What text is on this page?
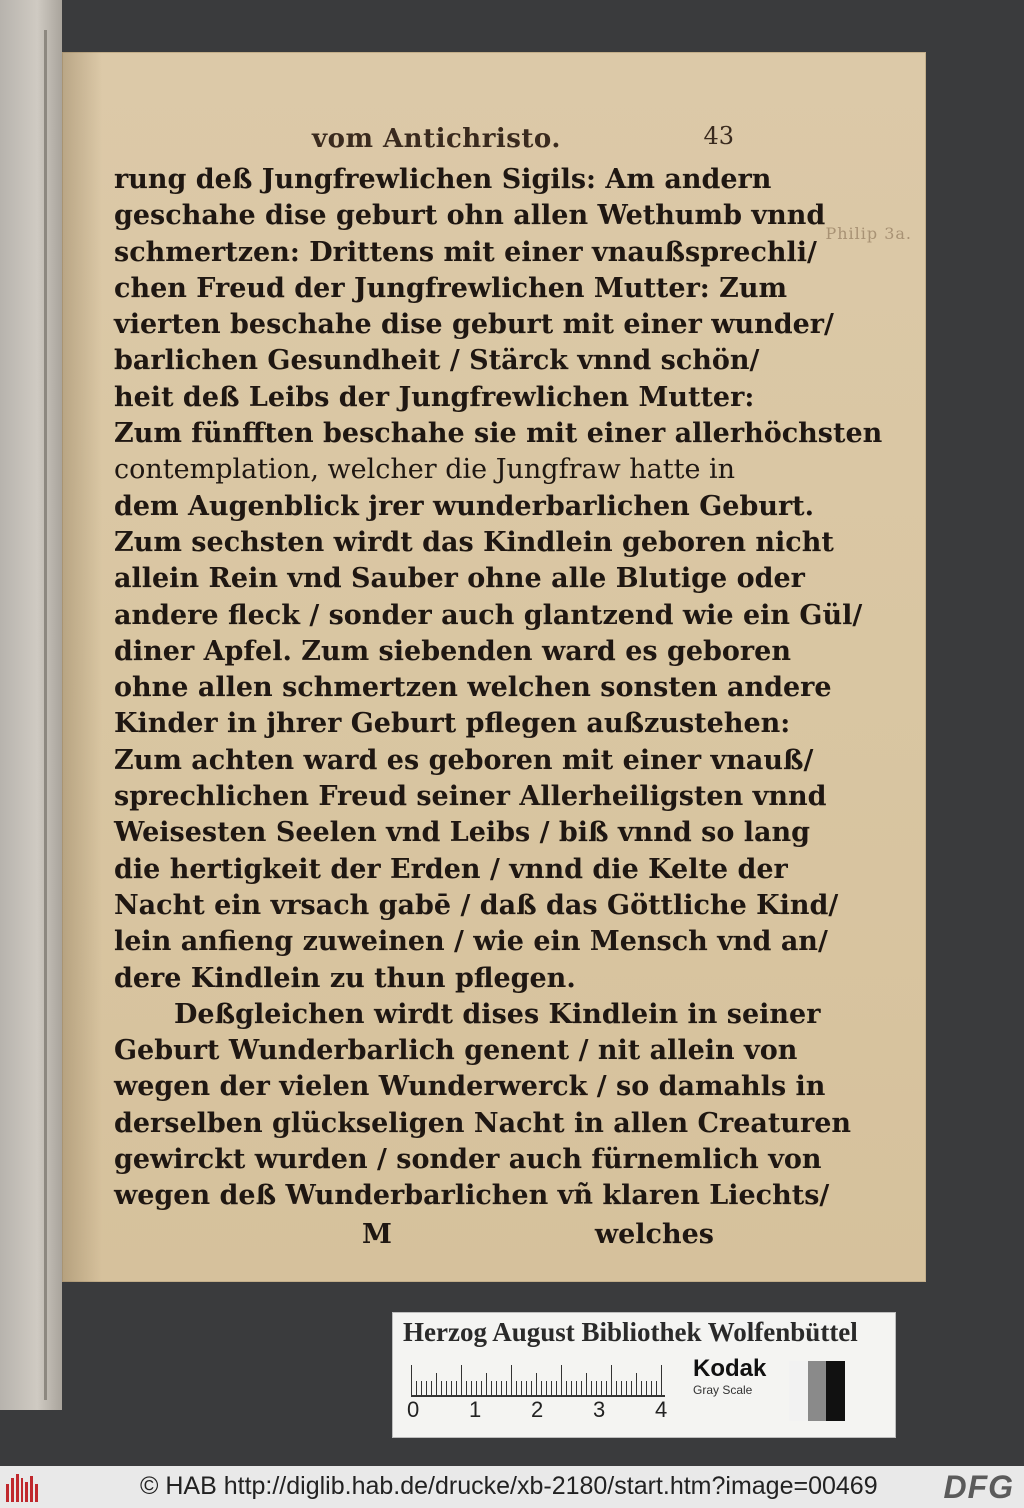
vom Antichristo.	43
Philip 3a.
rung deß Jungfrewlichen Sigils: Am andern
geschahe dise geburt ohn allen Wethumb vnnd
schmertzen: Drittens mit einer vnaußsprechli/
chen Freud der Jungfrewlichen Mutter: Zum
vierten beschahe dise geburt mit einer wunder/
barlichen Gesundheit / Stärck vnnd schön/
heit deß Leibs der Jungfrewlichen Mutter:
Zum fünfften beschahe sie mit einer allerhöchsten
contemplation, welcher die Jungfraw hatte in
dem Augenblick jrer wunderbarlichen Geburt.
Zum sechsten wirdt das Kindlein geboren nicht
allein Rein vnd Sauber ohne alle Blutige oder
andere fleck / sonder auch glantzend wie ein Gül/
diner Apfel. Zum siebenden ward es geboren
ohne allen schmertzen welchen sonsten andere
Kinder in jhrer Geburt pflegen außzustehen:
Zum achten ward es geboren mit einer vnauß/
sprechlichen Freud seiner Allerheiligsten vnnd
Weisesten Seelen vnd Leibs / biß vnnd so lang
die hertigkeit der Erden / vnnd die Kelte der
Nacht ein vrsach gabē / daß das Göttliche Kind/
lein anfieng zuweinen / wie ein Mensch vnd an/
dere Kindlein zu thun pflegen.
Deßgleichen wirdt dises Kindlein in seiner
Geburt Wunderbarlich genent / nit allein von
wegen der vielen Wunderwerck / so damahls in
derselben glückseligen Nacht in allen Creaturen
gewirckt wurden / sonder auch fürnemlich von
wegen deß Wunderbarlichen vñ klaren Liechts/
M	welches
Herzog August Bibliothek Wolfenbüttel
0 1 2 3 4
Kodak
Gray Scale
© HAB http://diglib.hab.de/drucke/xb-2180/start.htm?image=00469 DFG
